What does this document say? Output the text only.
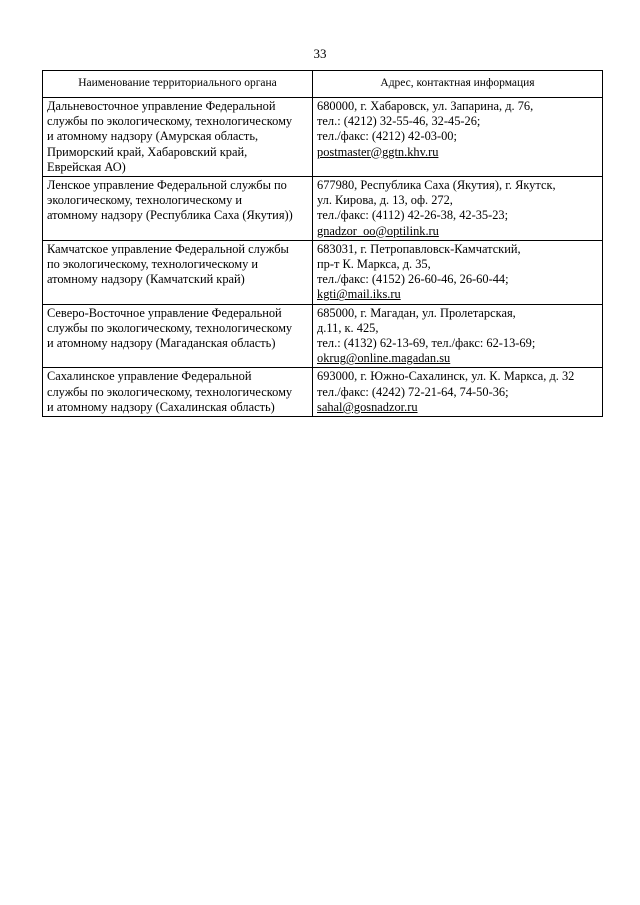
33
Наименование территориального органа	Адрес, контактная информация

Дальневосточное управление Федеральной
службы по экологическому, технологическому
и атомному надзору (Амурская область,
Приморский край, Хабаровский край,
Еврейская АО)	680000, г. Хабаровск, ул. Запарина, д. 76,
тел.: (4212) 32-55-46, 32-45-26;
тел./факс: (4212) 42-03-00;
postmaster@ggtn.khv.ru

Ленское управление Федеральной службы по
экологическому, технологическому и
атомному надзору (Республика Саха (Якутия))	677980, Республика Саха (Якутия), г. Якутск,
ул. Кирова, д. 13, оф. 272,
тел./факс: (4112) 42-26-38, 42-35-23;
gnadzor_oo@optilink.ru

Камчатское управление Федеральной службы
по экологическому, технологическому и
атомному надзору (Камчатский край)	683031, г. Петропавловск-Камчатский,
пр-т К. Маркса, д. 35,
тел./факс: (4152) 26-60-46, 26-60-44;
kgti@mail.iks.ru

Северо-Восточное управление Федеральной
службы по экологическому, технологическому
и атомному надзору (Магаданская область)	685000, г. Магадан, ул. Пролетарская,
д.11, к. 425,
тел.: (4132) 62-13-69, тел./факс: 62-13-69;
okrug@online.magadan.su

Сахалинское управление Федеральной
службы по экологическому, технологическому
и атомному надзору (Сахалинская область)	693000, г. Южно-Сахалинск, ул. К. Маркса, д. 32
тел./факс: (4242) 72-21-64, 74-50-36;
sahal@gosnadzor.ru
